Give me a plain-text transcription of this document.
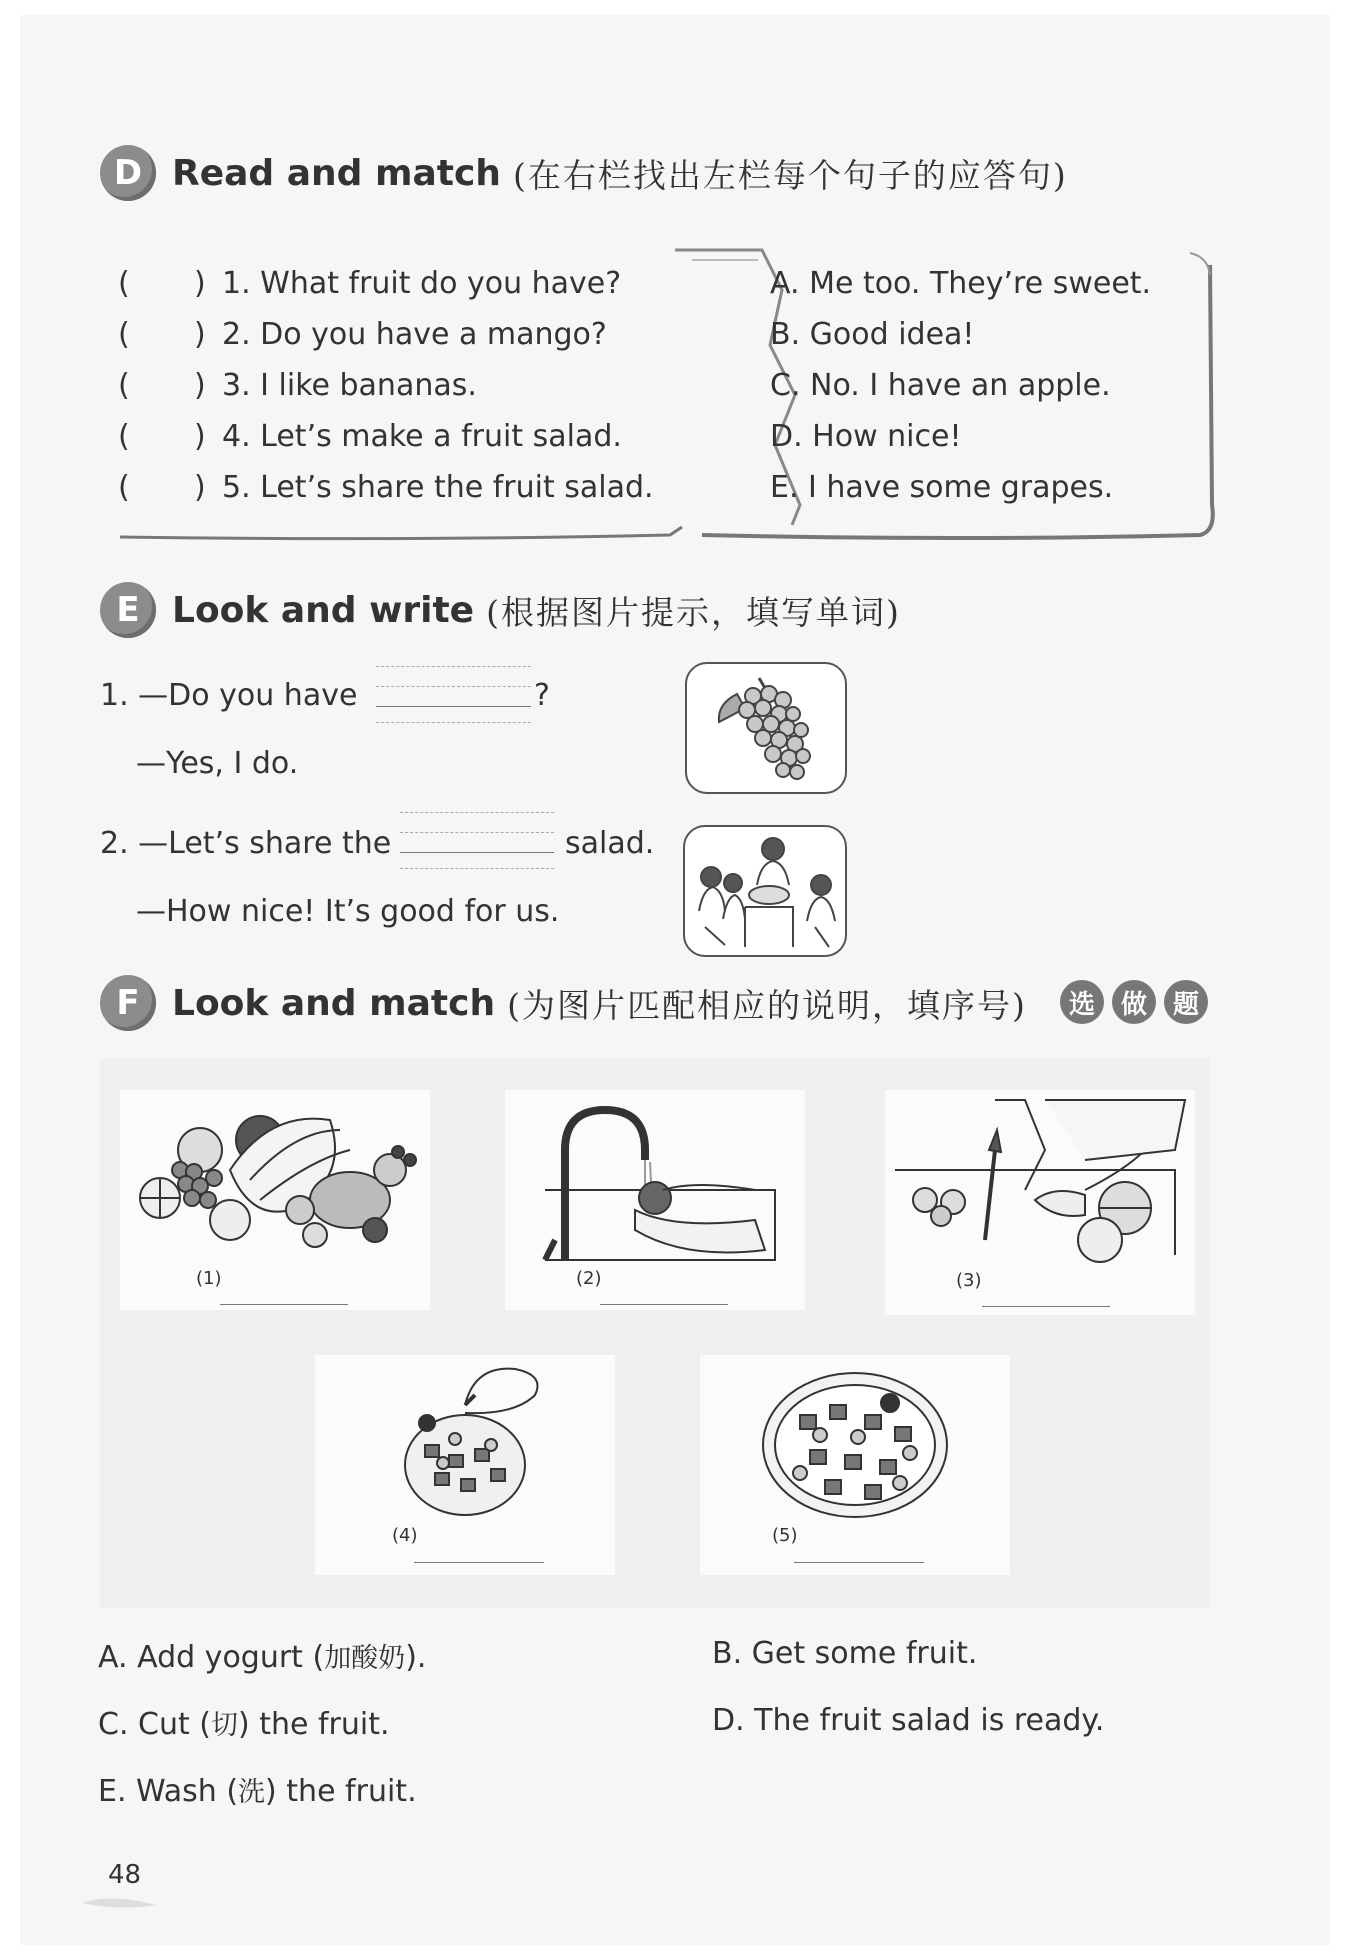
D Read and match (在右栏找出左栏每个句子的应答句)
( ) 1. What fruit do you have?
( ) 2. Do you have a mango?
( ) 3. I like bananas.
( ) 4. Let’s make a fruit salad.
( ) 5. Let’s share the fruit salad.
A. Me too. They’re sweet.
B. Good idea!
C. No. I have an apple.
D. How nice!
E. I have some grapes.
E Look and write (根据图片提示，填写单词)
1. —Do you have	?
—Yes, I do.
2. —Let’s share the	salad.
—How nice! It’s good for us.
F Look and match (为图片匹配相应的说明，填序号)	选 做 题
(1)	(2)	(3)
(4)	(5)
A. Add yogurt (加酸奶).	B. Get some fruit.
C. Cut (切) the fruit.	D. The fruit salad is ready.
E. Wash (洗) the fruit.
48
